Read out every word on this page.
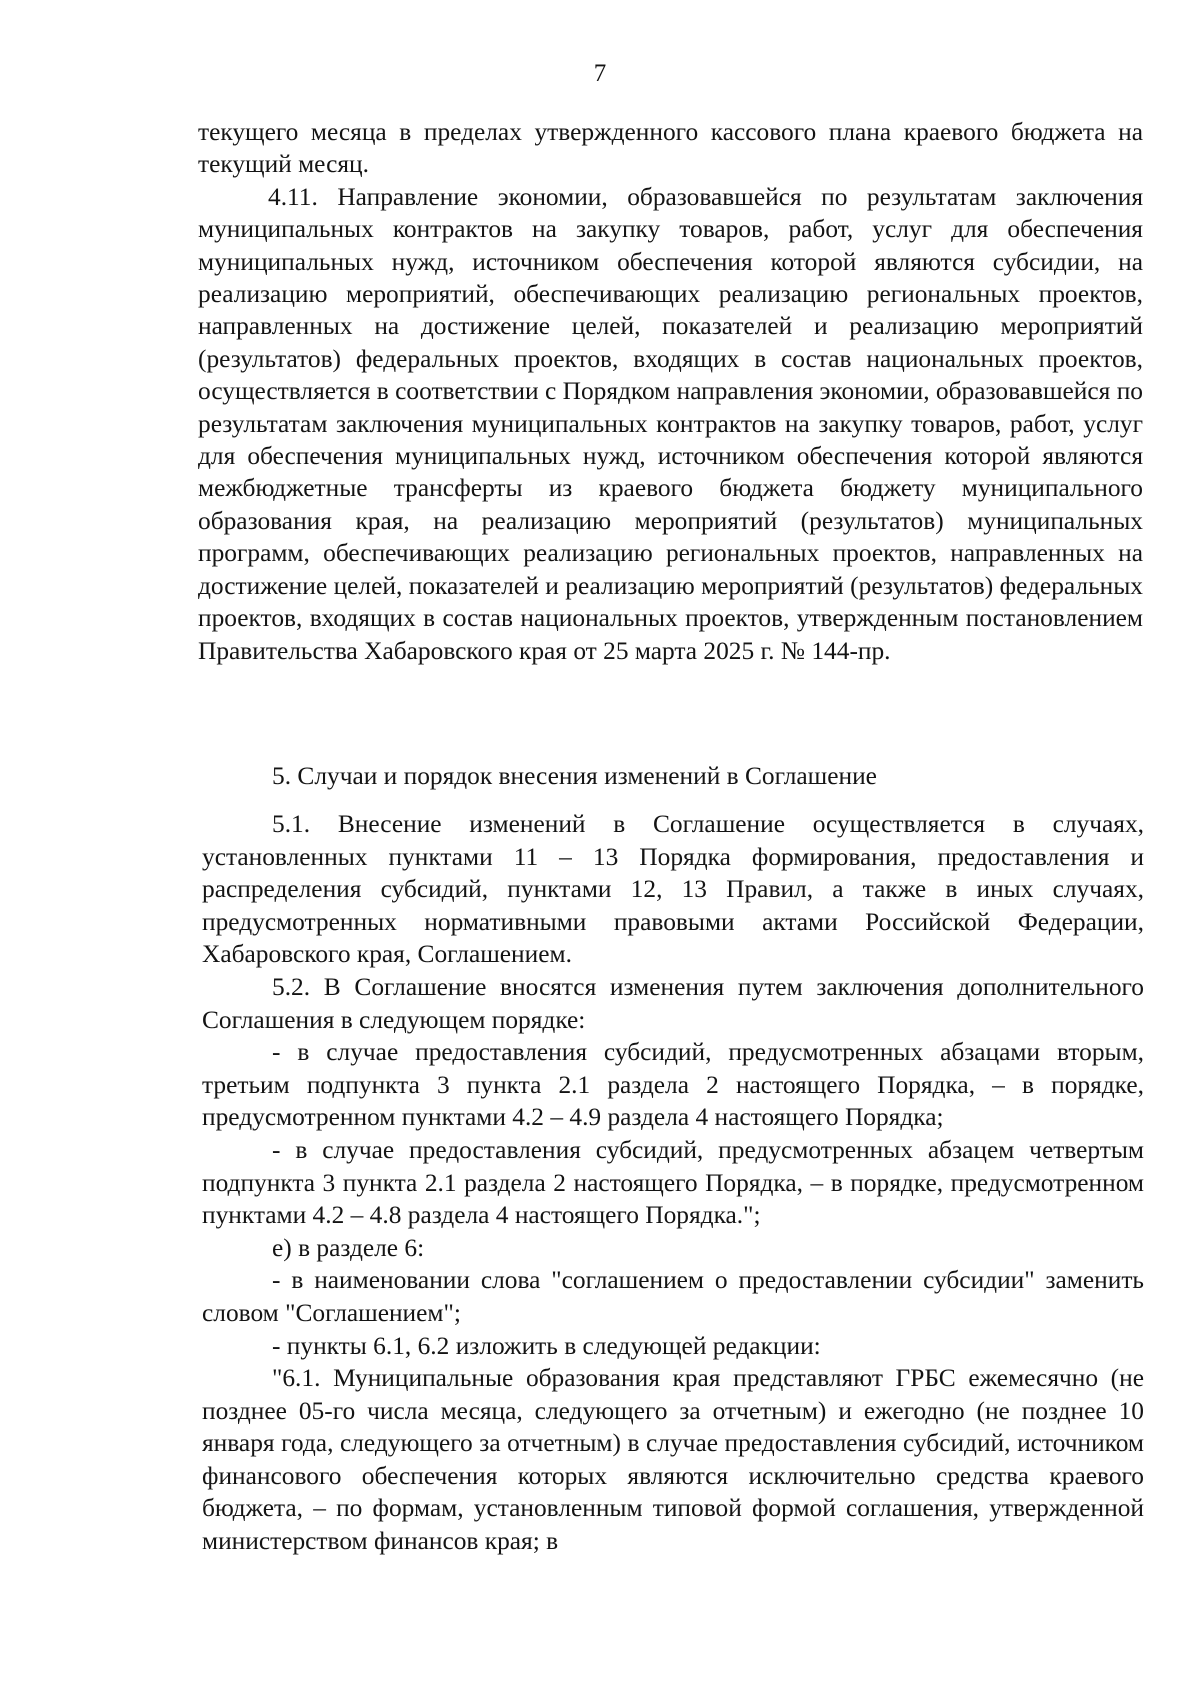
7

текущего месяца в пределах утвержденного кассового плана краевого бюджета на текущий месяц.

4.11. Направление экономии, образовавшейся по результатам заключения муниципальных контрактов на закупку товаров, работ, услуг для обеспечения муниципальных нужд, источником обеспечения которой являются субсидии, на реализацию мероприятий, обеспечивающих реализацию региональных проектов, направленных на достижение целей, показателей и реализацию мероприятий (результатов) федеральных проектов, входящих в состав национальных проектов, осуществляется в соответствии с Порядком направления экономии, образовавшейся по результатам заключения муниципальных контрактов на закупку товаров, работ, услуг для обеспечения муниципальных нужд, источником обеспечения которой являются межбюджетные трансферты из краевого бюджета бюджету муниципального образования края, на реализацию мероприятий (результатов) муниципальных программ, обеспечивающих реализацию региональных проектов, направленных на достижение целей, показателей и реализацию мероприятий (результатов) федеральных проектов, входящих в состав национальных проектов, утвержденным постановлением Правительства Хабаровского края от 25 марта 2025 г. № 144-пр.

5. Случаи и порядок внесения изменений в Соглашение

5.1. Внесение изменений в Соглашение осуществляется в случаях, установленных пунктами 11 – 13 Порядка формирования, предоставления и распределения субсидий, пунктами 12, 13 Правил, а также в иных случаях, предусмотренных нормативными правовыми актами Российской Федерации, Хабаровского края, Соглашением.

5.2. В Соглашение вносятся изменения путем заключения дополнительного Соглашения в следующем порядке:

- в случае предоставления субсидий, предусмотренных абзацами вторым, третьим подпункта 3 пункта 2.1 раздела 2 настоящего Порядка, – в порядке, предусмотренном пунктами 4.2 – 4.9 раздела 4 настоящего Порядка;

- в случае предоставления субсидий, предусмотренных абзацем четвертым подпункта 3 пункта 2.1 раздела 2 настоящего Порядка, – в порядке, предусмотренном пунктами 4.2 – 4.8 раздела 4 настоящего Порядка.";

е) в разделе 6:

- в наименовании слова "соглашением о предоставлении субсидии" заменить словом "Соглашением";

- пункты 6.1, 6.2 изложить в следующей редакции:

"6.1. Муниципальные образования края представляют ГРБС ежемесячно (не позднее 05-го числа месяца, следующего за отчетным) и ежегодно (не позднее 10 января года, следующего за отчетным) в случае предоставления субсидий, источником финансового обеспечения которых являются исключительно средства краевого бюджета, – по формам, установленным типовой формой соглашения, утвержденной министерством финансов края; в
